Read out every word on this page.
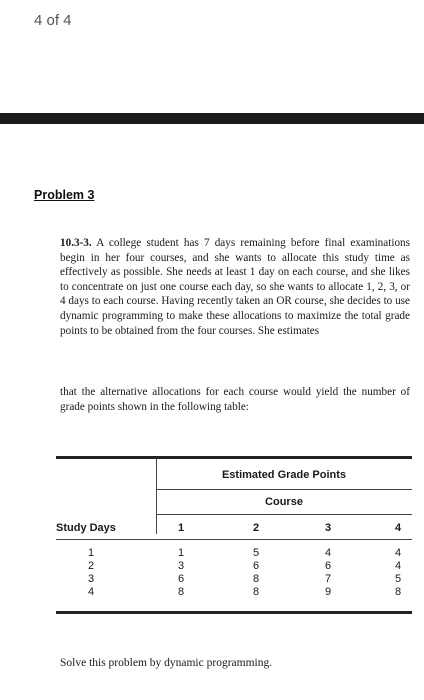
4 of 4
Problem 3
10.3-3. A college student has 7 days remaining before final examinations begin in her four courses, and she wants to allocate this study time as effectively as possible. She needs at least 1 day on each course, and she likes to concentrate on just one course each day, so she wants to allocate 1, 2, 3, or 4 days to each course. Having recently taken an OR course, she decides to use dynamic programming to make these allocations to maximize the total grade points to be obtained from the four courses. She estimates
that the alternative allocations for each course would yield the number of grade points shown in the following table:
Estimated Grade Points
Course
Study Days	1	2	3	4
1	1	5	4	4
2	3	6	6	4
3	6	8	7	5
4	8	8	9	8
Solve this problem by dynamic programming.
